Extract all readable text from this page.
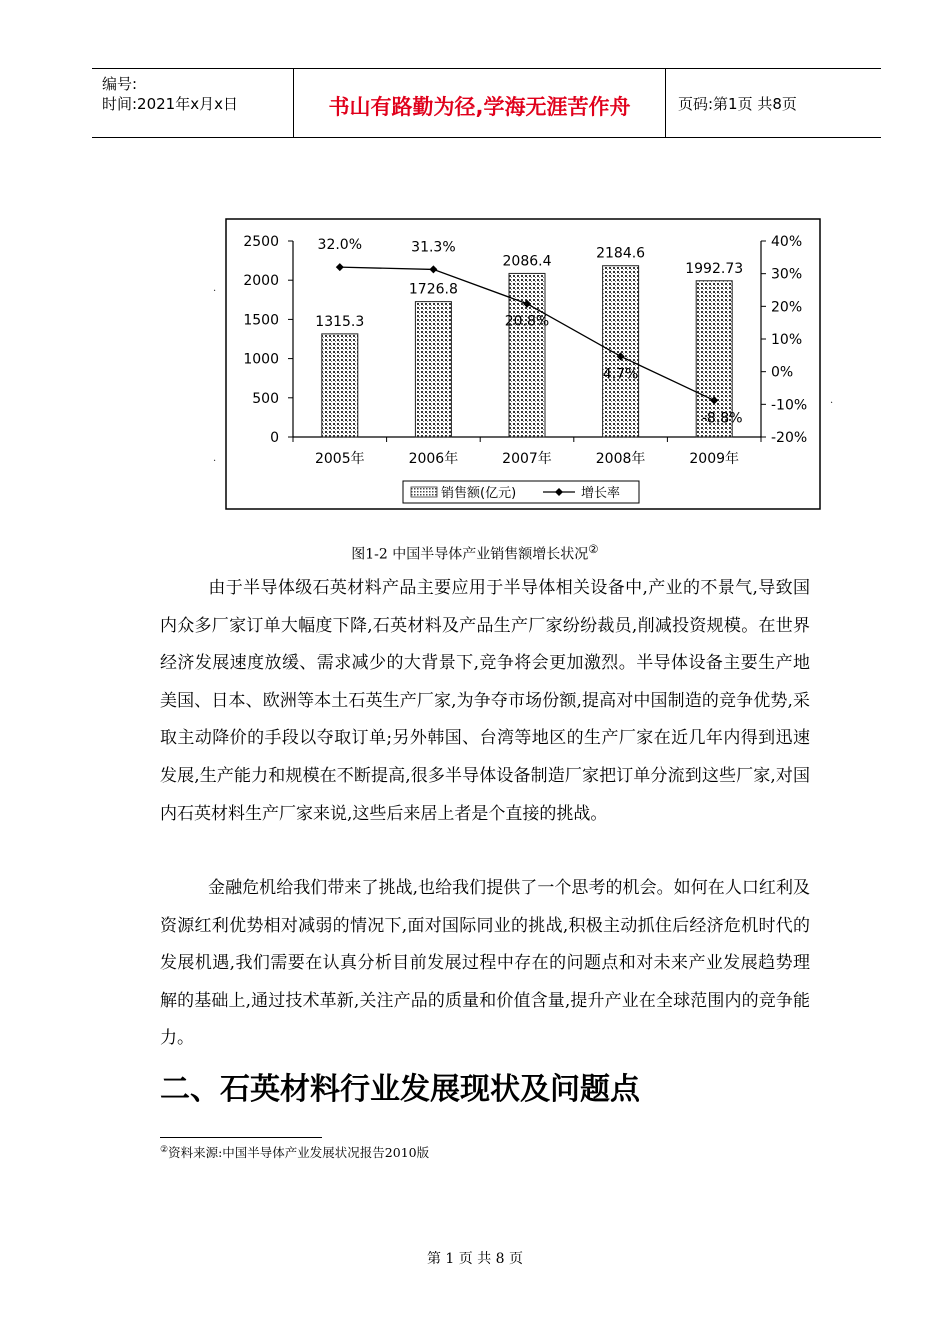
编号:
时间:2021年x月x日	书山有路勤为径,学海无涯苦作舟	页码:第1页 共8页
0
500
1000
1500
2000
2500
-20%
-10%
0%
10%
20%
30%
40%
2005年	2006年	2007年	2008年	2009年
1315.3
1726.8
2086.4	2184.6
1992.73
32.0%	31.3%
20.8%
4.7%
-8.8%
销售额(亿元)	增长率
·
·
·
图1-2 中国半导体产业销售额增长状况②

由于半导体级石英材料产品主要应用于半导体相关设备中,产业的不景气,导致国内众多厂家订单大幅度下降,石英材料及产品生产厂家纷纷裁员,削减投资规模。在世界经济发展速度放缓、需求减少的大背景下,竞争将会更加激烈。半导体设备主要生产地美国、日本、欧洲等本土石英生产厂家,为争夺市场份额,提高对中国制造的竞争优势,采取主动降价的手段以夺取订单;另外韩国、台湾等地区的生产厂家在近几年内得到迅速发展,生产能力和规模在不断提高,很多半导体设备制造厂家把订单分流到这些厂家,对国内石英材料生产厂家来说,这些后来居上者是个直接的挑战。

金融危机给我们带来了挑战,也给我们提供了一个思考的机会。如何在人口红利及资源红利优势相对减弱的情况下,面对国际同业的挑战,积极主动抓住后经济危机时代的发展机遇,我们需要在认真分析目前发展过程中存在的问题点和对未来产业发展趋势理解的基础上,通过技术革新,关注产品的质量和价值含量,提升产业在全球范围内的竞争能力。

二、石英材料行业发展现状及问题点
②资料来源:中国半导体产业发展状况报告2010版
第 1 页 共 8 页
